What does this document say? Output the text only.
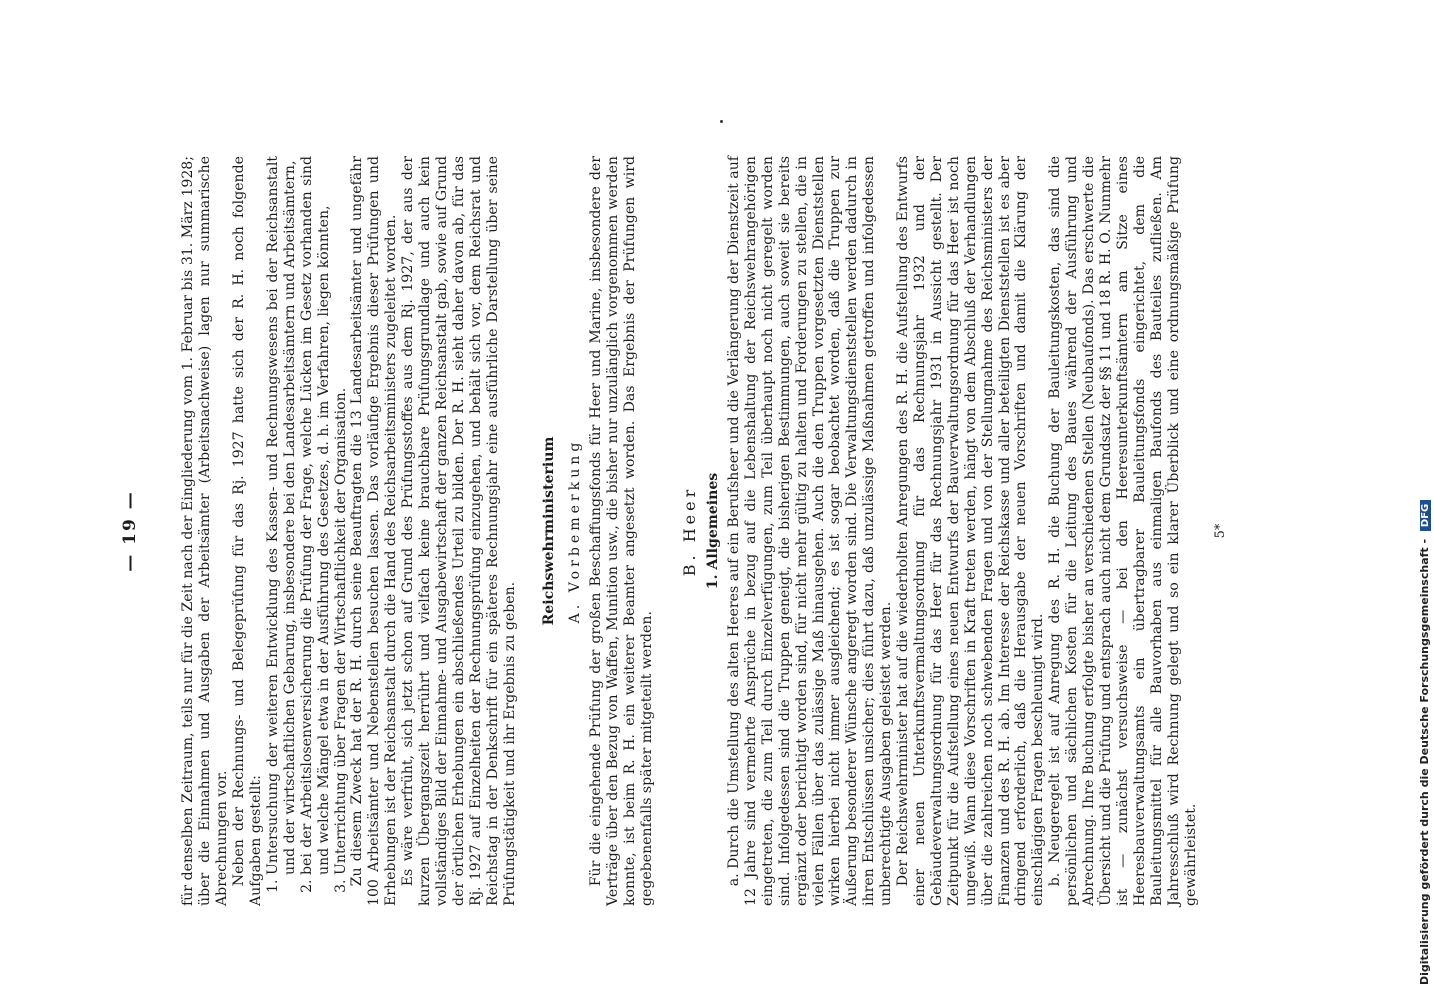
— 19 —	für denselben Zeitraum, teils nur für die Zeit nach der Eingliederung vom 1. Februar bis 31. März 1928; über die Einnahmen und Ausgaben der Arbeitsämter (Arbeitsnachweise) lagen nur summarische Abrechnungen vor. Neben der Rechnungs- und Belegeprüfung für das Rj. 1927 hatte sich der R. H. noch folgende Aufgaben gestellt: 1. Untersuchung der weiteren Entwicklung des Kassen- und Rechnungswesens bei der Reichsanstalt und der wirtschaftlichen Gebarung, insbesondere bei den Landesarbeitsämtern und Arbeitsämtern, 2. bei der Arbeitslosenversicherung die Prüfung der Frage, welche Lücken im Gesetz vorhanden sind und welche Mängel etwa in der Ausführung des Gesetzes, d. h. im Verfahren, liegen könnten, 3. Unterrichtung über Fragen der Wirtschaftlichkeit der Organisation. Zu diesem Zweck hat der R. H. durch seine Beauftragten die 13 Landesarbeitsämter und ungefähr 100 Arbeitsämter und Nebenstellen besuchen lassen. Das vorläufige Ergebnis dieser Prüfungen und Erhebungen ist der Reichsanstalt durch die Hand des Reichsarbeitsministers zugeleitet worden. Es wäre verfrüht, sich jetzt schon auf Grund des Prüfungsstoffes aus dem Rj. 1927, der aus der kurzen Übergangszeit herrührt und vielfach keine brauchbare Prüfungsgrundlage und auch kein vollständiges Bild der Einnahme- und Ausgabewirtschaft der ganzen Reichsanstalt gab, sowie auf Grund der örtlichen Erhebungen ein abschließendes Urteil zu bilden. Der R. H. sieht daher davon ab, für das Rj. 1927 auf Einzelheiten der Rechnungsprüfung einzugehen, und behält sich vor, dem Reichsrat und Reichstag in der Denkschrift für ein späteres Rechnungsjahr eine ausführliche Darstellung über seine Prüfungstätigkeit und ihr Ergebnis zu geben.

Reichswehrministerium A. Vorbemerkung Für die eingehende Prüfung der großen Beschaffungsfonds für Heer und Marine, insbesondere der Verträge über den Bezug von Waffen, Munition usw., die bisher nur unzulänglich vorgenommen werden konnte, ist beim R. H. ein weiterer Beamter angesetzt worden. Das Ergebnis der Prüfungen wird gegebenenfalls später mitgeteilt werden.

B. Heer 1. Allgemeines a. Durch die Umstellung des alten Heeres auf ein Berufsheer und die Verlängerung der Dienstzeit auf 12 Jahre sind vermehrte Ansprüche in bezug auf die Lebenshaltung der Reichswehrangehörigen eingetreten, die zum Teil durch Einzelverfügungen, zum Teil überhaupt noch nicht geregelt worden sind. Infolgedessen sind die Truppen geneigt, die bisherigen Bestimmungen, auch soweit sie bereits ergänzt oder berichtigt worden sind, für nicht mehr gültig zu halten und Forderungen zu stellen, die in vielen Fällen über das zulässige Maß hinausgehen. Auch die den Truppen vorgesetzten Dienststellen wirken hierbei nicht immer ausgleichend; es ist sogar beobachtet worden, daß die Truppen zur Äußerung besonderer Wünsche angeregt worden sind. Die Verwaltungsdienststellen werden dadurch in ihren Entschlüssen unsicher; dies führt dazu, daß unzulässige Maßnahmen getroffen und infolgedessen unberechtigte Ausgaben geleistet werden. Der Reichswehrminister hat auf die wiederholten Anregungen des R. H. die Aufstellung des Entwurfs einer neuen Unterkunftsvermaltungsordnung für das Rechnungsjahr 1932 und der Gebäudeverwaltungsordnung für das Heer für das Rechnungsjahr 1931 in Aussicht gestellt. Der Zeitpunkt für die Aufstellung eines neuen Entwurfs der Bauverwaltungsordnung für das Heer ist noch ungewiß. Wann diese Vorschriften in Kraft treten werden, hängt von dem Abschluß der Verhandlungen über die zahlreichen noch schwebenden Fragen und von der Stellungnahme des Reichsministers der Finanzen und des R. H. ab. Im Interesse der Reichskasse und aller beteiligten Dienststellen ist es aber dringend erforderlich, daß die Herausgabe der neuen Vorschriften und damit die Klärung der einschlägigen Fragen beschleunigt wird. b. Neugeregelt ist auf Anregung des R. H. die Buchung der Bauleitungskosten, das sind die persönlichen und sächlichen Kosten für die Leitung des Baues während der Ausführung und Abrechnung. Ihre Buchung erfolgte bisher an verschiedenen Stellen (Neubaufonds). Das erschwerte die Übersicht und die Prüfung und entsprach auch nicht dem Grundsatz der §§ 11 und 18 R. H. O. Nunmehr ist — zunächst versuchsweise — bei den Heeresunterkunftsämtern am Sitze eines Heeresbauverwaltungsamts ein übertragbarer Bauleitungsfonds eingerichtet, dem die Bauleitungsmittel für alle Bauvorhaben aus einmaligen Baufonds des Bauteiles zufließen. Am Jahresschluß wird Rechnung gelegt und so ein klarer Überblick und eine ordnungsmäßige Prüfung gewährleistet.

5*
Digitalisierung gefördert durch die Deutsche Forschungsgemeinschaft - DFG
